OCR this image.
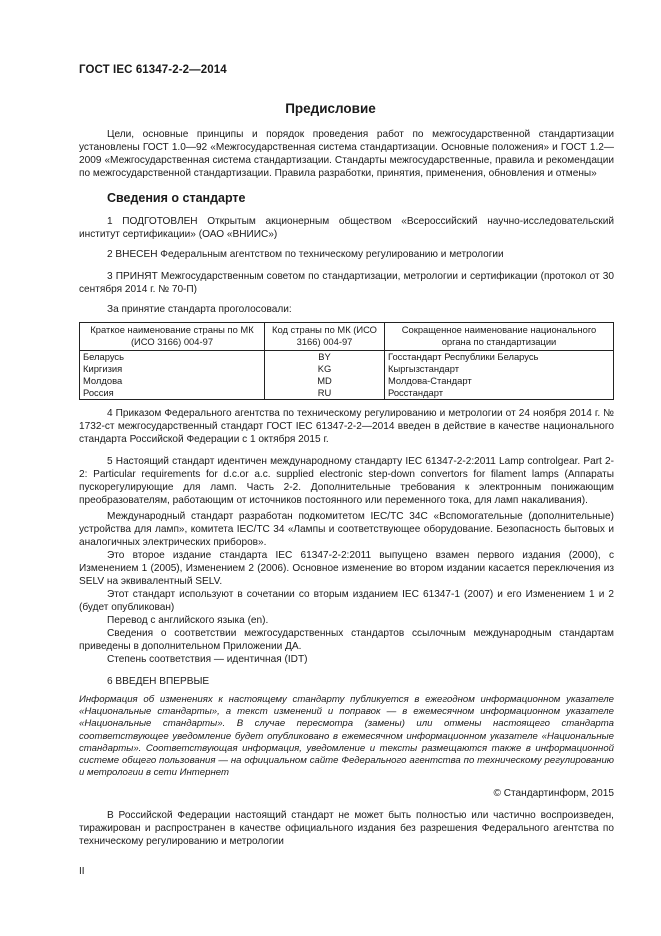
ГОСТ IEC 61347-2-2—2014
Предисловие

Цели, основные принципы и порядок проведения работ по межгосударственной стандартизации установлены ГОСТ 1.0—92 «Межгосударственная система стандартизации. Основные положения» и ГОСТ 1.2—2009 «Межгосударственная система стандартизации. Стандарты межгосударственные, правила и рекомендации по межгосударственной стандартизации. Правила разработки, принятия, применения, обновления и отмены»

Сведения о стандарте

1 ПОДГОТОВЛЕН Открытым акционерным обществом «Всероссийский научно-исследовательский институт сертификации» (ОАО «ВНИИС»)

2 ВНЕСЕН Федеральным агентством по техническому регулированию и метрологии

3 ПРИНЯТ Межгосударственным советом по стандартизации, метрологии и сертификации (протокол от 30 сентября 2014 г. № 70-П)

За принятие стандарта проголосовали:

Краткое наименование страны по МК (ИСО 3166) 004-97	Код страны по МК (ИСО 3166) 004-97	Сокращенное наименование национального органа по стандартизации
Беларусь	BY	Госстандарт Республики Беларусь
Киргизия	KG	Кыргызстандарт
Молдова	MD	Молдова-Стандарт
Россия	RU	Росстандарт

4 Приказом Федерального агентства по техническому регулированию и метрологии от 24 ноября 2014 г. № 1732-ст межгосударственный стандарт ГОСТ IEC 61347-2-2—2014 введен в действие в качестве национального стандарта Российской Федерации с 1 октября 2015 г.

5 Настоящий стандарт идентичен международному стандарту IEC 61347-2-2:2011 Lamp controlgear. Part 2-2: Particular requirements for d.c.or a.c. supplied electronic step-down convertors for filament lamps (Аппараты пускорегулирующие для ламп. Часть 2-2. Дополнительные требования к электронным понижающим преобразователям, работающим от источников постоянного или переменного тока, для ламп накаливания).

Международный стандарт разработан подкомитетом IEC/TC 34C «Вспомогательные (дополнительные) устройства для ламп», комитета IEC/TC 34 «Лампы и соответствующее оборудование. Безопасность бытовых и аналогичных электрических приборов».

Это второе издание стандарта IEC 61347-2-2:2011 выпущено взамен первого издания (2000), с Изменением 1 (2005), Изменением 2 (2006). Основное изменение во втором издании касается переключения из SELV на эквивалентный SELV.

Этот стандарт используют в сочетании со вторым изданием IEC 61347-1 (2007) и его Изменением 1 и 2 (будет опубликован)

Перевод с английского языка (en).

Сведения о соответствии межгосударственных стандартов ссылочным международным стандартам приведены в дополнительном Приложении ДА.

Степень соответствия — идентичная (IDT)

6 ВВЕДЕН ВПЕРВЫЕ

Информация об изменениях к настоящему стандарту публикуется в ежегодном информационном указателе «Национальные стандарты», а текст изменений и поправок — в ежемесячном информационном указателе «Национальные стандарты». В случае пересмотра (замены) или отмены настоящего стандарта соответствующее уведомление будет опубликовано в ежемесячном информационном указателе «Национальные стандарты». Соответствующая информация, уведомление и тексты размещаются также в информационной системе общего пользования — на официальном сайте Федерального агентства по техническому регулированию и метрологии в сети Интернет

© Стандартинформ, 2015

В Российской Федерации настоящий стандарт не может быть полностью или частично воспроизведен, тиражирован и распространен в качестве официального издания без разрешения Федерального агентства по техническому регулированию и метрологии

II
